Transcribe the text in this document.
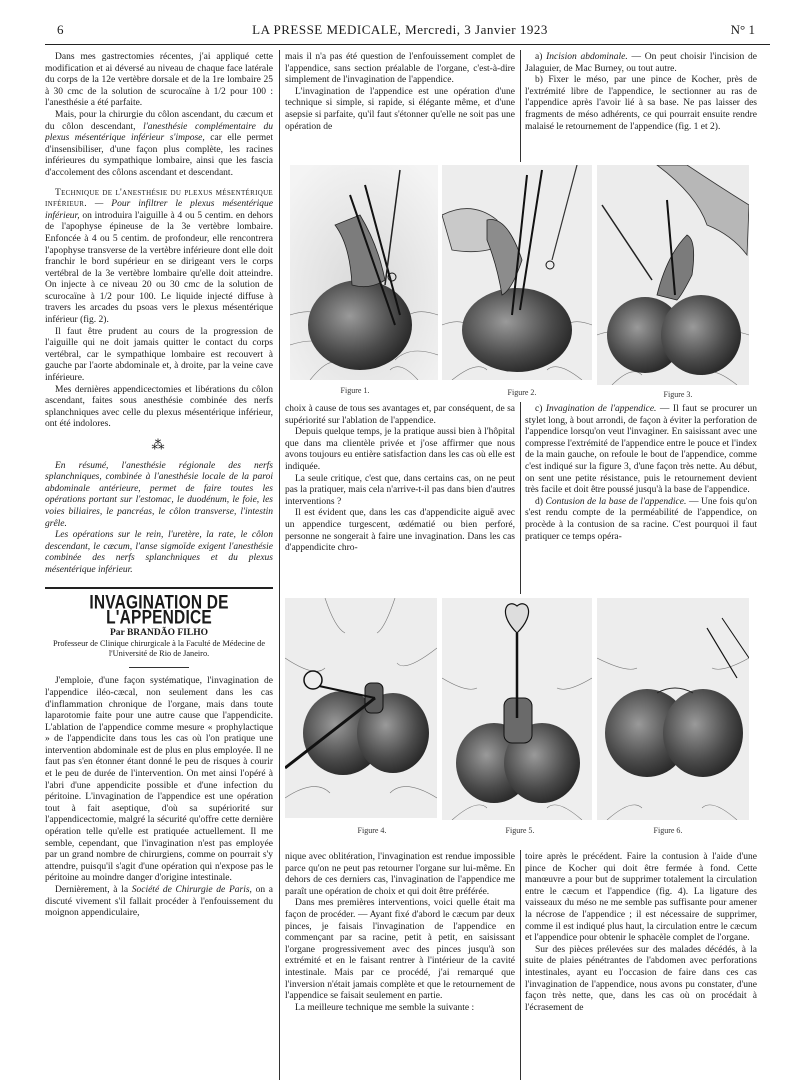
6	LA PRESSE MEDICALE, Mercredi, 3 Janvier 1923	N° 1

Dans mes gastrectomies récentes, j'ai appliqué cette modification et ai déversé au niveau de chaque face latérale du corps de la 12e vertèbre dorsale et de la 1re lombaire 25 à 30 cmc de la solution de scurocaïne à 1/2 pour 100 : l'anesthésie a été parfaite.

Mais, pour la chirurgie du côlon ascendant, du cæcum et du côlon descendant, l'anesthésie complémentaire du plexus mésentérique inférieur s'impose, car elle permet d'insensibiliser, d'une façon plus complète, les racines inférieures du sympathique lombaire, ainsi que les fascia d'accolement des côlons ascendant et descendant.

Technique de l'anesthésie du plexus mésentérique inférieur. — Pour infiltrer le plexus mésentérique inférieur, on introduira l'aiguille à 4 ou 5 centim. en dehors de l'apophyse épineuse de la 3e vertèbre lombaire. Enfoncée à 4 ou 5 centim. de profondeur, elle rencontrera l'apophyse transverse de la vertèbre inférieure dont elle doit franchir le bord supérieur en se dirigeant vers le corps vertébral de la 3e vertèbre lombaire qu'elle doit atteindre. On injecte à ce niveau 20 ou 30 cmc de la solution de scurocaïne à 1/2 pour 100. Le liquide injecté diffuse à travers les arcades du psoas vers le plexus mésentérique inférieur (fig. 2).

Il faut être prudent au cours de la progression de l'aiguille qui ne doit jamais quitter le contact du corps vertébral, car le sympathique lombaire est recouvert à gauche par l'aorte abdominale et, à droite, par la veine cave inférieure.

Mes dernières appendicectomies et libérations du côlon ascendant, faites sous anesthésie combinée des nerfs splanchniques avec celle du plexus mésentérique inférieur, ont été indolores.

⁂

En résumé, l'anesthésie régionale des nerfs splanchniques, combinée à l'anesthésie locale de la paroi abdominale antérieure, permet de faire toutes les opérations portant sur l'estomac, le duodénum, le foie, les voies biliaires, le pancréas, le côlon transverse, l'intestin grêle.

Les opérations sur le rein, l'uretère, la rate, le côlon descendant, le cæcum, l'anse sigmoïde exigent l'anesthésie combinée des nerfs splanchniques et du plexus mésentérique inférieur.

INVAGINATION DE L'APPENDICE
Par BRANDÃO FILHO
Professeur de Clinique chirurgicale à la Faculté de Médecine de l'Université de Rio de Janeiro.

J'emploie, d'une façon systématique, l'invagination de l'appendice iléo-cæcal, non seulement dans les cas d'inflammation chronique de l'organe, mais dans toute laparotomie faite pour une autre cause que l'appendicite. L'ablation de l'appendice comme mesure « prophylactique » de l'appendicite dans tous les cas où l'on pratique une intervention abdominale est de plus en plus employée. Il ne faut pas s'en étonner étant donné le peu de risques à courir et le peu de durée de l'intervention. On met ainsi l'opéré à l'abri d'une appendicite possible et d'une infection du péritoine. L'invagination de l'appendice est une opération tout à fait aseptique, d'où sa supériorité sur l'appendicectomie, malgré la sécurité qu'offre cette dernière opération telle qu'elle est pratiquée actuellement. Il me semble, cependant, que l'invagination n'est pas employée par un grand nombre de chirurgiens, comme on pourrait s'y attendre, puisqu'il s'agit d'une opération qui n'expose pas le péritoine au moindre danger d'origine intestinale.

Dernièrement, à la Société de Chirurgie de Paris, on a discuté vivement s'il fallait procéder à l'enfouissement du moignon appendiculaire,

mais il n'a pas été question de l'enfouissement complet de l'appendice, sans section préalable de l'organe, c'est-à-dire simplement de l'invagination de l'appendice.

L'invagination de l'appendice est une opération d'une technique si simple, si rapide, si élégante même, et d'une asepsie si parfaite, qu'il faut s'étonner qu'elle ne soit pas une opération de

a) Incision abdominale. — On peut choisir l'incision de Jalaguier, de Mac Burney, ou tout autre.

b) Fixer le méso, par une pince de Kocher, près de l'extrémité libre de l'appendice, le sectionner au ras de l'appendice après l'avoir lié à sa base. Ne pas laisser des fragments de méso adhérents, ce qui pourrait ensuite rendre malaisé le retournement de l'appendice (fig. 1 et 2).

Figure 1.	Figure 2.	Figure 3.

choix à cause de tous ses avantages et, par conséquent, de sa supériorité sur l'ablation de l'appendice.

Depuis quelque temps, je la pratique aussi bien à l'hôpital que dans ma clientèle privée et j'ose affirmer que nous avons toujours eu entière satisfaction dans les cas où elle est indiquée.

La seule critique, c'est que, dans certains cas, on ne peut pas la pratiquer, mais cela n'arrive-t-il pas dans bien d'autres interventions ?

Il est évident que, dans les cas d'appendicite aiguë avec un appendice turgescent, œdématié ou bien perforé, personne ne songerait à faire une invagination. Dans les cas d'appendicite chro-

c) Invagination de l'appendice. — Il faut se procurer un stylet long, à bout arrondi, de façon à éviter la perforation de l'appendice lorsqu'on veut l'invaginer. En saisissant avec une compresse l'extrémité de l'appendice entre le pouce et l'index de la main gauche, on refoule le bout de l'appendice, comme c'est indiqué sur la figure 3, d'une façon très nette. Au début, on sent une petite résistance, puis le retournement devient très facile et doit être poussé jusqu'à la base de l'appendice.

d) Contusion de la base de l'appendice. — Une fois qu'on s'est rendu compte de la perméabilité de l'appendice, on procède à la contusion de sa racine. C'est pourquoi il faut pratiquer ce temps opéra-

Figure 4.	Figure 5.	Figure 6.

nique avec oblitération, l'invagination est rendue impossible parce qu'on ne peut pas retourner l'organe sur lui-même. En dehors de ces derniers cas, l'invagination de l'appendice me paraît une opération de choix et qui doit être préférée.

Dans mes premières interventions, voici quelle était ma façon de procéder. — Ayant fixé d'abord le cæcum par deux pinces, je faisais l'invagination de l'appendice en commençant par sa racine, petit à petit, en saisissant l'organe progressivement avec des pinces jusqu'à son extrémité et en le faisant rentrer à l'intérieur de la cavité intestinale. Mais par ce procédé, j'ai remarqué que l'inversion n'était jamais complète et que le retournement de l'appendice se faisait seulement en partie.

La meilleure technique me semble la suivante :

toire après le précédent. Faire la contusion à l'aide d'une pince de Kocher qui doit être fermée à fond. Cette manœuvre a pour but de supprimer totalement la circulation entre le cæcum et l'appendice (fig. 4). La ligature des vaisseaux du méso ne me semble pas suffisante pour amener la nécrose de l'appendice ; il est nécessaire de supprimer, comme il est indiqué plus haut, la circulation entre le cæcum et l'appendice pour obtenir le sphacèle complet de l'organe.

Sur des pièces prélevées sur des malades décédés, à la suite de plaies pénétrantes de l'abdomen avec perforations intestinales, ayant eu l'occasion de faire dans ces cas l'invagination de l'appendice, nous avons pu constater, d'une façon très nette, que, dans les cas où on procédait à l'écrasement de
